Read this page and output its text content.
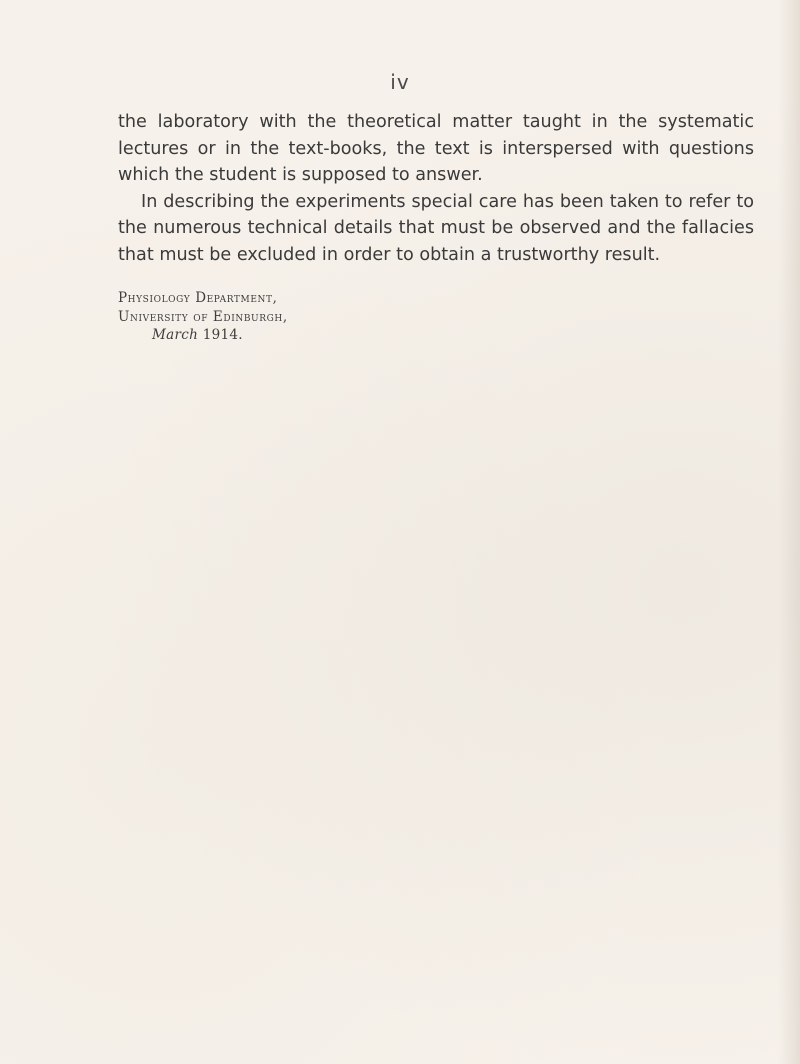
iv

the laboratory with the theoretical matter taught in the systematic lectures or in the text-books, the text is interspersed with questions which the student is supposed to answer.

In describing the experiments special care has been taken to refer to the numerous technical details that must be observed and the fallacies that must be excluded in order to obtain a trustworthy result.

Physiology Department,
University of Edinburgh,
March 1914.
